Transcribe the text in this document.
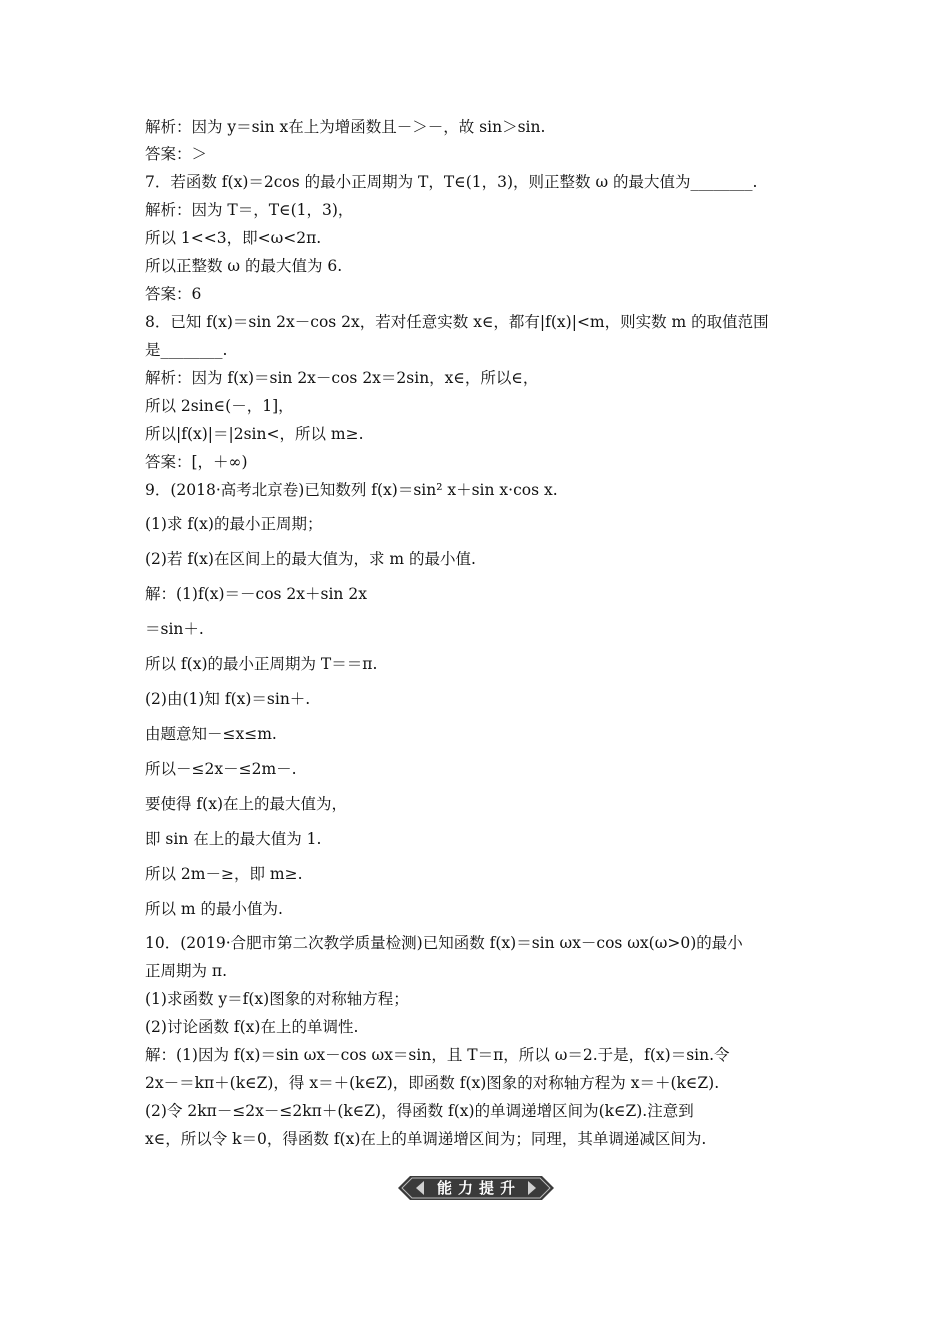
解析：因为 y＝sin x在上为增函数且－＞－，故 sin＞sin.

答案：＞

7．若函数 f(x)＝2cos 的最小正周期为 T，T∈(1，3)，则正整数 ω 的最大值为________.

解析：因为 T＝，T∈(1，3)，

所以 1<<3，即<ω<2π.

所以正整数 ω 的最大值为 6.

答案：6

8．已知 f(x)＝sin 2x－cos 2x，若对任意实数 x∈，都有|f(x)|<m，则实数 m 的取值范围

是________.

解析：因为 f(x)＝sin 2x－cos 2x＝2sin，x∈，所以∈，

所以 2sin∈(－，1]，

所以|f(x)|＝|2sin<，所以 m≥.

答案：[，＋∞)

9．(2018·高考北京卷)已知数列 f(x)＝sin² x＋sin x·cos x.

(1)求 f(x)的最小正周期；

(2)若 f(x)在区间上的最大值为，求 m 的最小值.

解：(1)f(x)＝－cos 2x＋sin 2x

＝sin＋.

所以 f(x)的最小正周期为 T＝＝π.

(2)由(1)知 f(x)＝sin＋.

由题意知－≤x≤m.

所以－≤2x－≤2m－.

要使得 f(x)在上的最大值为，

即 sin 在上的最大值为 1.

所以 2m－≥，即 m≥.

所以 m 的最小值为.

10．(2019·合肥市第二次教学质量检测)已知函数 f(x)＝sin ωx－cos ωx(ω>0)的最小

正周期为 π.

(1)求函数 y＝f(x)图象的对称轴方程；

(2)讨论函数 f(x)在上的单调性.

解：(1)因为 f(x)＝sin ωx－cos ωx＝sin，且 T＝π，所以 ω＝2.于是，f(x)＝sin.令

2x－＝kπ＋(k∈Z)，得 x＝＋(k∈Z)，即函数 f(x)图象的对称轴方程为 x＝＋(k∈Z).

(2)令 2kπ－≤2x－≤2kπ＋(k∈Z)，得函数 f(x)的单调递增区间为(k∈Z).注意到

x∈，所以令 k＝0，得函数 f(x)在上的单调递增区间为；同理，其单调递减区间为.

能力提升
